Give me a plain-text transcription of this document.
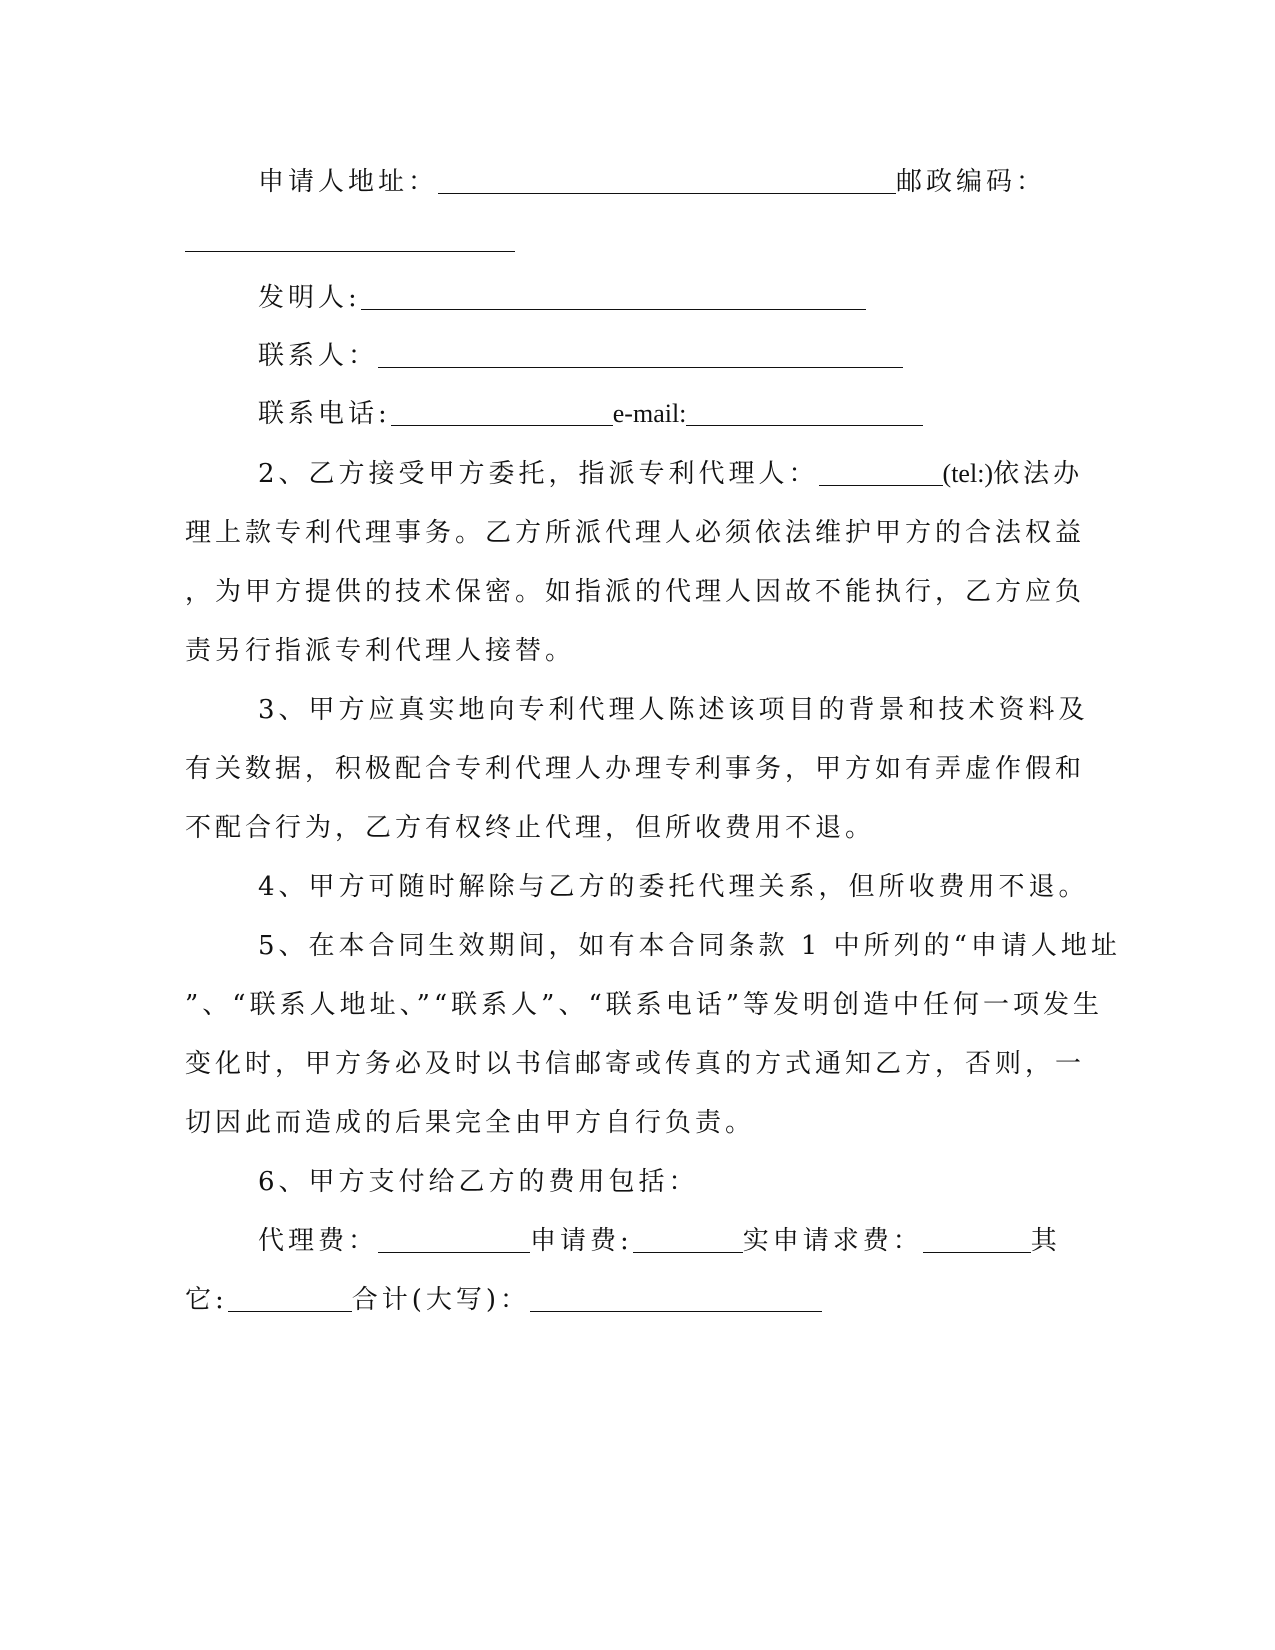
申请人地址：	邮政编码：
发明人:
联系人：
联系电话:	e-mail:
2、乙方接受甲方委托，指派专利代理人：	(tel:)依法办
理上款专利代理事务。乙方所派代理人必须依法维护甲方的合法权益
，为甲方提供的技术保密。如指派的代理人因故不能执行，乙方应负
责另行指派专利代理人接替。
3、甲方应真实地向专利代理人陈述该项目的背景和技术资料及
有关数据，积极配合专利代理人办理专利事务，甲方如有弄虚作假和
不配合行为，乙方有权终止代理，但所收费用不退。
4、甲方可随时解除与乙方的委托代理关系，但所收费用不退。
5、在本合同生效期间，如有本合同条款 1 中所列的“申请人地址
”、“联系人地址、”“联系人”、“联系电话”等发明创造中任何一项发生
变化时，甲方务必及时以书信邮寄或传真的方式通知乙方，否则，一
切因此而造成的后果完全由甲方自行负责。
6、甲方支付给乙方的费用包括：
代理费：	申请费:	实申请求费：	其
它:	合计(大写)：
